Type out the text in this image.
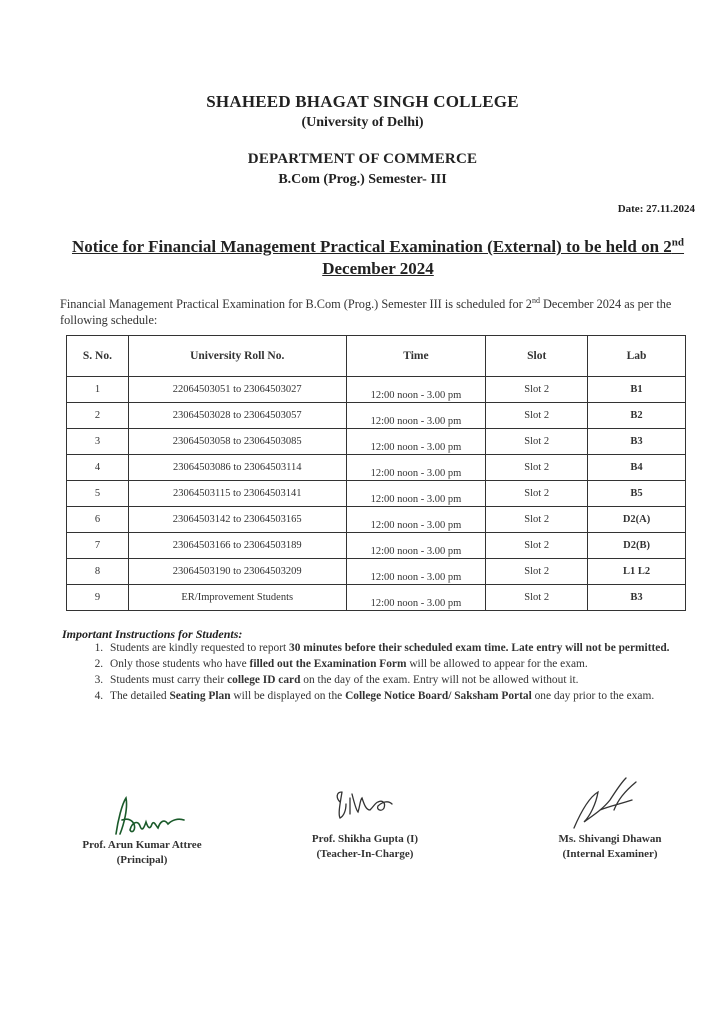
SHAHEED BHAGAT SINGH COLLEGE
(University of Delhi)
DEPARTMENT OF COMMERCE
B.Com (Prog.) Semester- III
Date: 27.11.2024
Notice for Financial Management Practical Examination (External) to be held on 2nd December 2024
Financial Management Practical Examination for B.Com (Prog.) Semester III is scheduled for 2nd December 2024 as per the following schedule:
S. No.	University Roll No.	Time	Slot	Lab
1	22064503051 to 23064503027	12:00 noon - 3.00 pm	Slot 2	B1
2	23064503028 to 23064503057	12:00 noon - 3.00 pm	Slot 2	B2
3	23064503058 to 23064503085	12:00 noon - 3.00 pm	Slot 2	B3
4	23064503086 to 23064503114	12:00 noon - 3.00 pm	Slot 2	B4
5	23064503115 to 23064503141	12:00 noon - 3.00 pm	Slot 2	B5
6	23064503142 to 23064503165	12:00 noon - 3.00 pm	Slot 2	D2(A)
7	23064503166 to 23064503189	12:00 noon - 3.00 pm	Slot 2	D2(B)
8	23064503190 to 23064503209	12:00 noon - 3.00 pm	Slot 2	L1 L2
9	ER/Improvement Students	12:00 noon - 3.00 pm	Slot 2	B3
Important Instructions for Students:
1. Students are kindly requested to report 30 minutes before their scheduled exam time. Late entry will not be permitted.
2. Only those students who have filled out the Examination Form will be allowed to appear for the exam.
3. Students must carry their college ID card on the day of the exam. Entry will not be allowed without it.
4. The detailed Seating Plan will be displayed on the College Notice Board/ Saksham Portal one day prior to the exam.
Prof. Arun Kumar Attree
(Principal)
Prof. Shikha Gupta (I)
(Teacher-In-Charge)
Ms. Shivangi Dhawan
(Internal Examiner)
